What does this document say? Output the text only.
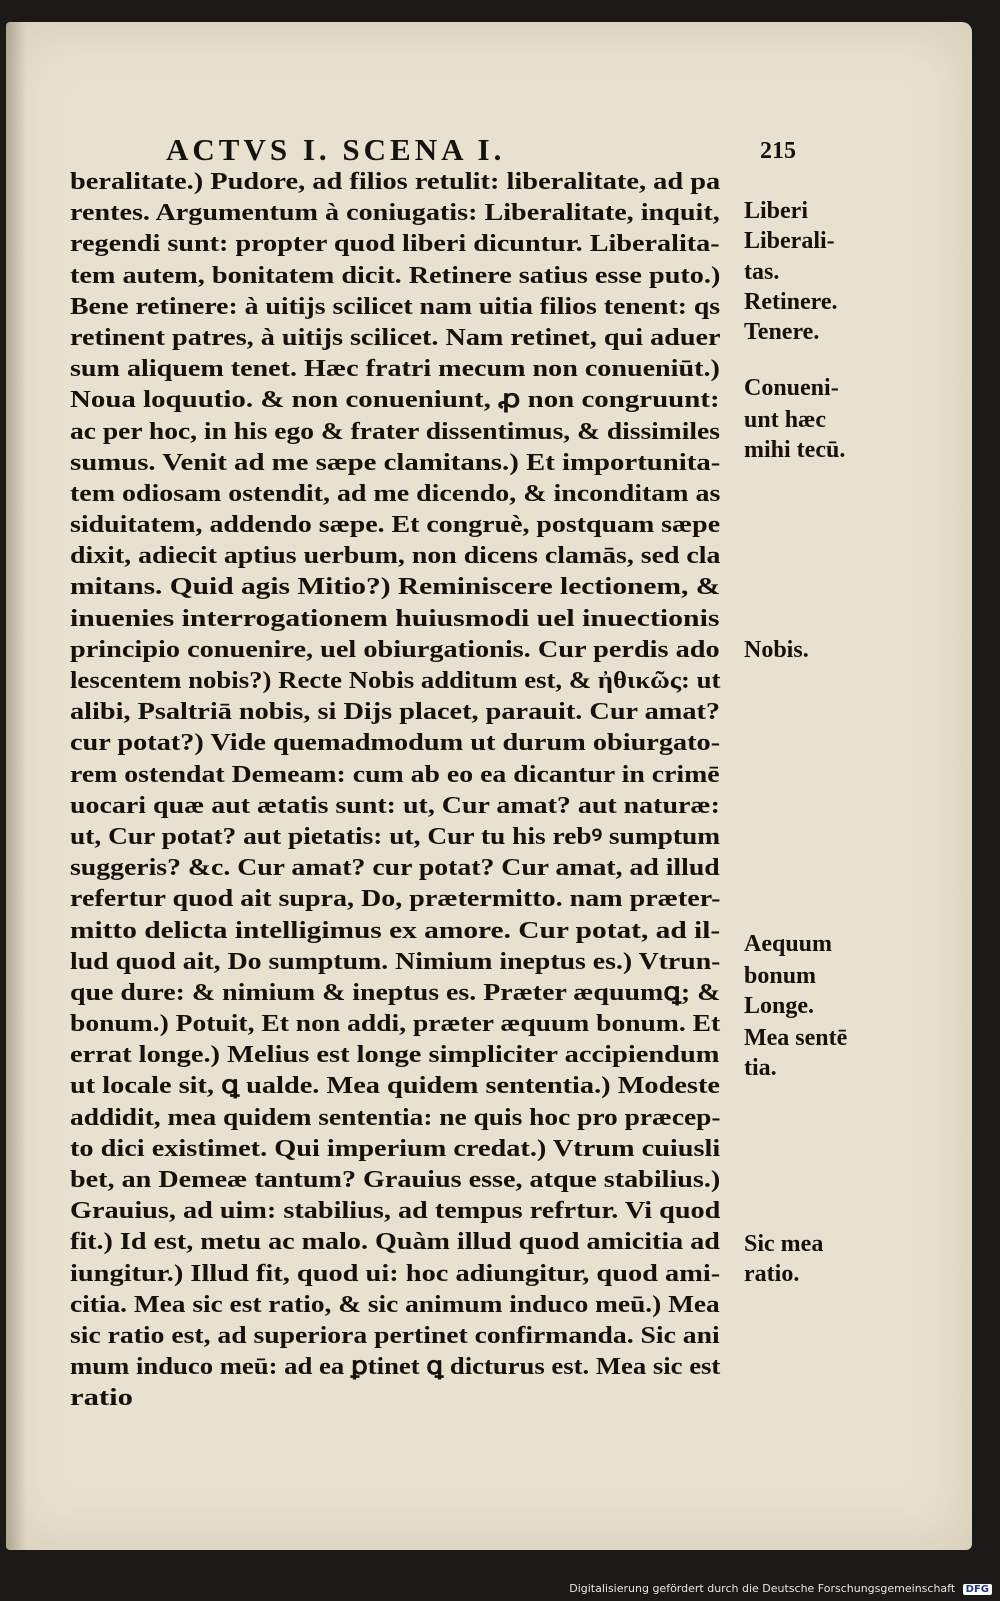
ACTVS I. SCENA I.	215
beralitate.) Pudore, ad filios retulit: liberalitate, ad pa
rentes. Argumentum à coniugatis: Liberalitate, inquit,
regendi sunt: propter quod liberi dicuntur. Liberalita-
tem autem, bonitatem dicit. Retinere satius esse puto.)
Bene retinere: à uitijs scilicet nam uitia filios tenent: qs
retinent patres, à uitijs scilicet. Nam retinet, qui aduer
sum aliquem tenet. Hæc fratri mecum non conueniūt.)
Noua loquutio. & non conueniunt, ꝓ non congruunt:
ac per hoc, in his ego & frater dissentimus, & dissimiles
sumus. Venit ad me sæpe clamitans.) Et importunita-
tem odiosam ostendit, ad me dicendo, & inconditam as
siduitatem, addendo sæpe. Et congruè, postquam sæpe
dixit, adiecit aptius uerbum, non dicens clamās, sed cla
mitans. Quid agis Mitio?) Reminiscere lectionem, &
inuenies interrogationem huiusmodi uel inuectionis
principio conuenire, uel obiurgationis. Cur perdis ado
lescentem nobis?) Recte Nobis additum est, & ἠθικῶς: ut
alibi, Psaltriā nobis, si Dijs placet, parauit. Cur amat?
cur potat?) Vide quemadmodum ut durum obiurgato-
rem ostendat Demeam: cum ab eo ea dicantur in crimē
uocari quæ aut ætatis sunt: ut, Cur amat? aut naturæ:
ut, Cur potat? aut pietatis: ut, Cur tu his rebꝰ sumptum
suggeris? &c. Cur amat? cur potat? Cur amat, ad illud
refertur quod ait supra, Do, prætermitto. nam præter-
mitto delicta intelligimus ex amore. Cur potat, ad il-
lud quod ait, Do sumptum. Nimium ineptus es.) Vtrun-
que dure: & nimium & ineptus es. Præter æquumꝗ; &
bonum.) Potuit, Et non addi, præter æquum bonum. Et
errat longe.) Melius est longe simpliciter accipiendum
ut locale sit, ꝗ ualde. Mea quidem sententia.) Modeste
addidit, mea quidem sententia: ne quis hoc pro præcep-
to dici existimet. Qui imperium credat.) Vtrum cuiusli
bet, an Demeæ tantum? Grauius esse, atque stabilius.)
Grauius, ad uim: stabilius, ad tempus refrtur. Vi quod
fit.) Id est, metu ac malo. Quàm illud quod amicitia ad
iungitur.) Illud fit, quod ui: hoc adiungitur, quod ami-
citia. Mea sic est ratio, & sic animum induco meū.) Mea
sic ratio est, ad superiora pertinet confirmanda. Sic ani
mum induco meū: ad ea ꝑtinet ꝗ dicturus est. Mea sic est
ratio
Liberi
Liberali-
tas.
Retinere.
Tenere.
Conueni-
unt hæc
mihi tecū.
Nobis.
Aequum
bonum
Longe.
Mea sentē
tia.
Sic mea
ratio.
Digitalisierung gefördert durch die Deutsche Forschungsgemeinschaft DFG
